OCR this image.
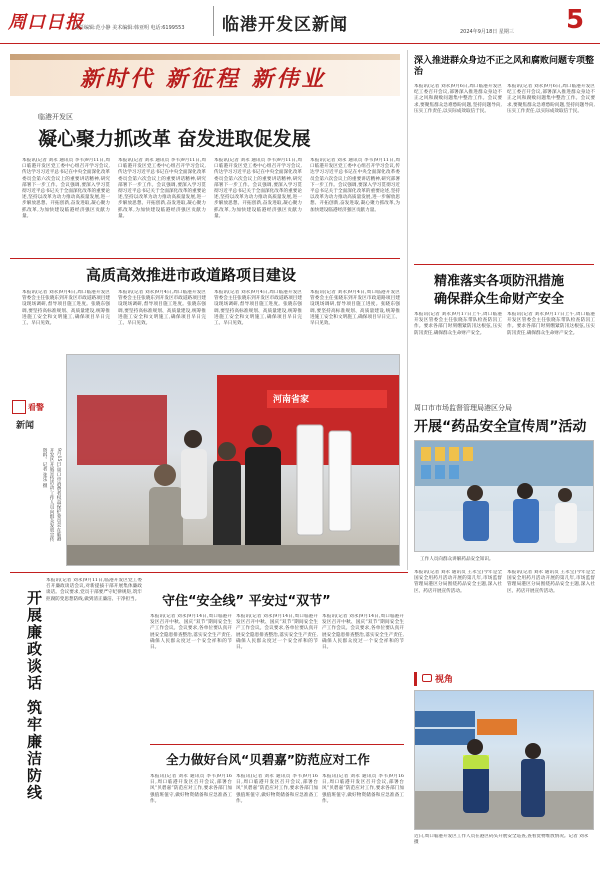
周口日报
责任编辑:范小静 美术编辑:韩亚明 电话:6199553 临港开发区新闻	2024年9月18日 星期三 5
新时代 新征程 新伟业
临港开发区
凝心聚力抓改革 奋发进取促发展
本报讯(记者 刘永 通讯员 李韦)9月11日,周口临港开发区党工委中心组召开学习会议,传达学习习近平总书记在中央全面深化改革委员会第六次会议上的重要讲话精神,研究部署下一步工作。会议强调,要深入学习贯彻习近平总书记关于全面深化改革的重要论述,坚持以改革为动力推动高质量发展,进一步解放思想、开拓创新,奋发进取,凝心聚力抓改革,为加快建设临港经济强区贡献力量。
本报讯(记者 刘永 通讯员 李韦)9月11日,周口临港开发区党工委中心组召开学习会议,传达学习习近平总书记在中央全面深化改革委员会第六次会议上的重要讲话精神,研究部署下一步工作。会议强调,要深入学习贯彻习近平总书记关于全面深化改革的重要论述,坚持以改革为动力推动高质量发展,进一步解放思想、开拓创新,奋发进取,凝心聚力抓改革,为加快建设临港经济强区贡献力量。
本报讯(记者 刘永 通讯员 李韦)9月11日,周口临港开发区党工委中心组召开学习会议,传达学习习近平总书记在中央全面深化改革委员会第六次会议上的重要讲话精神,研究部署下一步工作。会议强调,要深入学习贯彻习近平总书记关于全面深化改革的重要论述,坚持以改革为动力推动高质量发展,进一步解放思想、开拓创新,奋发进取,凝心聚力抓改革,为加快建设临港经济强区贡献力量。
本报讯(记者 刘永 通讯员 李韦)9月11日,周口临港开发区党工委中心组召开学习会议,传达学习习近平总书记在中央全面深化改革委员会第六次会议上的重要讲话精神,研究部署下一步工作。会议强调,要深入学习贯彻习近平总书记关于全面深化改革的重要论述,坚持以改革为动力推动高质量发展,进一步解放思想、开拓创新,奋发进取,凝心聚力抓改革,为加快建设临港经济强区贡献力量。
高质高效推进市政道路项目建设
本报讯(记者 刘永)9月4日,周口临港开发区管委会主任张晓东到开发区市政道路项目建设现场调研,督导项目施工进度。张晓东强调,要坚持高标准规划、高质量建设,统筹推进施工安全和文明施工,确保项目早日完工、早日见效。
本报讯(记者 刘永)9月4日,周口临港开发区管委会主任张晓东到开发区市政道路项目建设现场调研,督导项目施工进度。张晓东强调,要坚持高标准规划、高质量建设,统筹推进施工安全和文明施工,确保项目早日完工、早日见效。
本报讯(记者 刘永)9月4日,周口临港开发区管委会主任张晓东到开发区市政道路项目建设现场调研,督导项目施工进度。张晓东强调,要坚持高标准规划、高质量建设,统筹推进施工安全和文明施工,确保项目早日完工、早日见效。
本报讯(记者 刘永)9月4日,周口临港开发区管委会主任张晓东到开发区市政道路项目建设现场调研,督导项目施工进度。张晓东强调,要坚持高标准规划、高质量建设,统筹推进施工安全和文明施工,确保项目早日完工、早日见效。
看警
新闻
9月15日,周口市消费者权益保护委员会在临港开发区开展宣传活动,工作人员向群众发放宣传资料。记者 张乐 摄
河南省家
深入推进群众身边不正之风和腐败问题专项整治
本报讯(记者 刘永)9月6日,周口临港开发区纪工委召开会议,部署深入推进群众身边不正之风和腐败问题集中整治工作。会议要求,要聚焦群众急难愁盼问题,坚持问题导向,压实工作责任,以实际成效取信于民。
本报讯(记者 刘永)9月6日,周口临港开发区纪工委召开会议,部署深入推进群众身边不正之风和腐败问题集中整治工作。会议要求,要聚焦群众急难愁盼问题,坚持问题导向,压实工作责任,以实际成效取信于民。
精准落实各项防汛措施
确保群众生命财产安全
本报讯(记者 刘永)9月17日上午,周口临港开发区管委会主任张晓东带队检查防汛工作。要求各部门时刻绷紧防汛这根弦,压实防汛责任,确保群众生命财产安全。
本报讯(记者 刘永)9月17日上午,周口临港开发区管委会主任张晓东带队检查防汛工作。要求各部门时刻绷紧防汛这根弦,压实防汛责任,确保群众生命财产安全。
周口市市场监督管理局港区分局
开展“药品安全宣传周”活动
工作人员向群众讲解药品安全知识。
本报讯(记者 刘永 通讯员 王永宝)今年是全国安全用药月活动开展的第几年,市场监督管理局港区分局围绕药品安全主题,深入社区、药店开展宣传活动。
本报讯(记者 刘永 通讯员 王永宝)今年是全国安全用药月活动开展的第几年,市场监督管理局港区分局围绕药品安全主题,深入社区、药店开展宣传活动。
视角
近日,周口临港开发区工作人员在港区码头开展安全巡查,查看货物堆放情况。记者 刘永 摄
本报讯(记者 刘永)9月11日,临港开发区党工委召开廉政谈话会议,对新提拔干部开展集体廉政谈话。会议要求,党员干部要严守纪律规矩,筑牢拒腐防变思想防线,做到清正廉洁、干净担当。
开展廉政谈话 筑牢廉洁防线	守住“安全线” 平安过“双节”
本报讯(记者 刘永)9月14日,周口临港开发区召开中秋、国庆“双节”期间安全生产工作会议。会议要求,各单位要认真开展安全隐患排查整治,落实安全生产责任,确保人民群众度过一个安全祥和的节日。
本报讯(记者 刘永)9月14日,周口临港开发区召开中秋、国庆“双节”期间安全生产工作会议。会议要求,各单位要认真开展安全隐患排查整治,落实安全生产责任,确保人民群众度过一个安全祥和的节日。
本报讯(记者 刘永)9月14日,周口临港开发区召开中秋、国庆“双节”期间安全生产工作会议。会议要求,各单位要认真开展安全隐患排查整治,落实安全生产责任,确保人民群众度过一个安全祥和的节日。
全力做好台风“贝碧嘉”防范应对工作
本报讯(记者 刘永 通讯员 李韦)9月16日,周口临港开发区召开会议,部署台风“贝碧嘉”防范应对工作,要求各部门加强值班值守,做好物资储备和应急准备工作。
本报讯(记者 刘永 通讯员 李韦)9月16日,周口临港开发区召开会议,部署台风“贝碧嘉”防范应对工作,要求各部门加强值班值守,做好物资储备和应急准备工作。
本报讯(记者 刘永 通讯员 李韦)9月16日,周口临港开发区召开会议,部署台风“贝碧嘉”防范应对工作,要求各部门加强值班值守,做好物资储备和应急准备工作。
